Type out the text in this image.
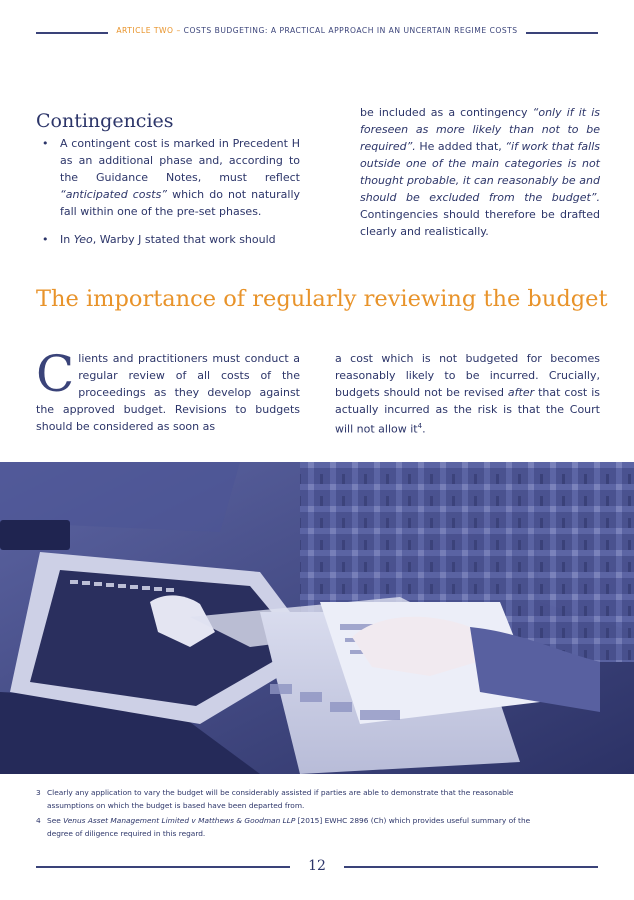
ARTICLE TWO – COSTS BUDGETING: A PRACTICAL APPROACH IN AN UNCERTAIN REGIME COSTS
Contingencies
• A contingent cost is marked in Precedent H as an additional phase and, according to the Guidance Notes, must reflect “anticipated costs” which do not naturally fall within one of the pre-set phases.
• In Yeo, Warby J stated that work should
be included as a contingency “only if it is foreseen as more likely than not to be required”. He added that, “if work that falls outside one of the main categories is not thought probable, it can reasonably be and should be excluded from the budget”. Contingencies should therefore be drafted clearly and realistically.
The importance of regularly reviewing the budget
Clients and practitioners must conduct a regular review of all costs of the proceedings as they develop against the approved budget. Revisions to budgets should be considered as soon as
a cost which is not budgeted for becomes reasonably likely to be incurred. Crucially, budgets should not be revised after that cost is actually incurred as the risk is that the Court will not allow $it^4$.
3 Clearly any application to vary the budget will be considerably assisted if parties are able to demonstrate that the reasonable assumptions on which the budget is based have been departed from.
4 See Venus Asset Management Limited v Matthews & Goodman LLP [2015] EWHC 2896 (Ch) which provides useful summary of the degree of diligence required in this regard.
12
